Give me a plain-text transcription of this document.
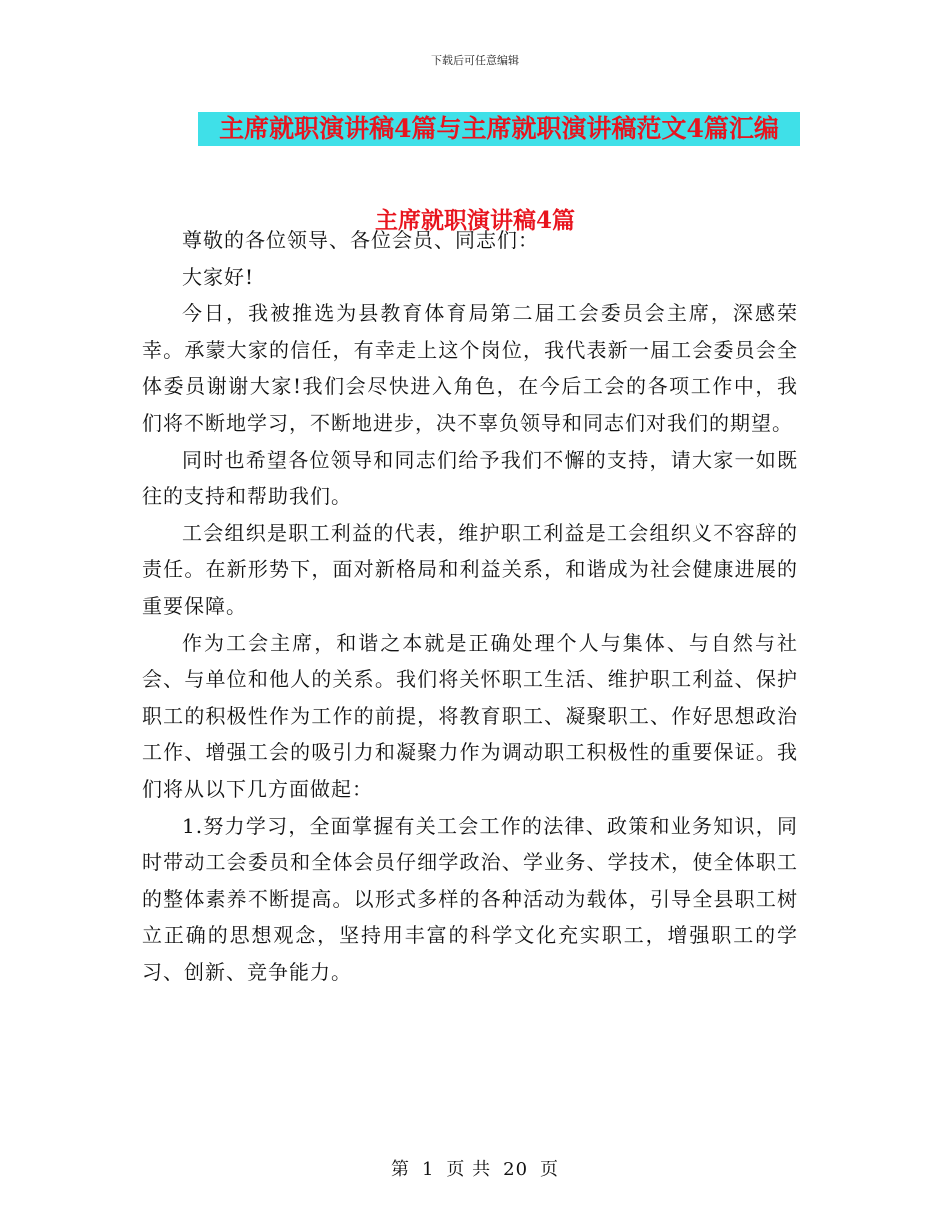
下载后可任意编辑
主席就职演讲稿4篇与主席就职演讲稿范文4篇汇编
主席就职演讲稿4篇

尊敬的各位领导、各位会员、同志们：

大家好!

今日，我被推选为县教育体育局第二届工会委员会主席，深感荣幸。承蒙大家的信任，有幸走上这个岗位，我代表新一届工会委员会全体委员谢谢大家!我们会尽快进入角色，在今后工会的各项工作中，我们将不断地学习，不断地进步，决不辜负领导和同志们对我们的期望。

同时也希望各位领导和同志们给予我们不懈的支持，请大家一如既往的支持和帮助我们。

工会组织是职工利益的代表，维护职工利益是工会组织义不容辞的责任。在新形势下，面对新格局和利益关系，和谐成为社会健康进展的重要保障。

作为工会主席，和谐之本就是正确处理个人与集体、与自然与社会、与单位和他人的关系。我们将关怀职工生活、维护职工利益、保护职工的积极性作为工作的前提，将教育职工、凝聚职工、作好思想政治工作、增强工会的吸引力和凝聚力作为调动职工积极性的重要保证。我们将从以下几方面做起：

1.努力学习，全面掌握有关工会工作的法律、政策和业务知识，同时带动工会委员和全体会员仔细学政治、学业务、学技术，使全体职工的整体素养不断提高。以形式多样的各种活动为载体，引导全县职工树立正确的思想观念，坚持用丰富的科学文化充实职工，增强职工的学习、创新、竞争能力。

第 1 页 共 20 页
